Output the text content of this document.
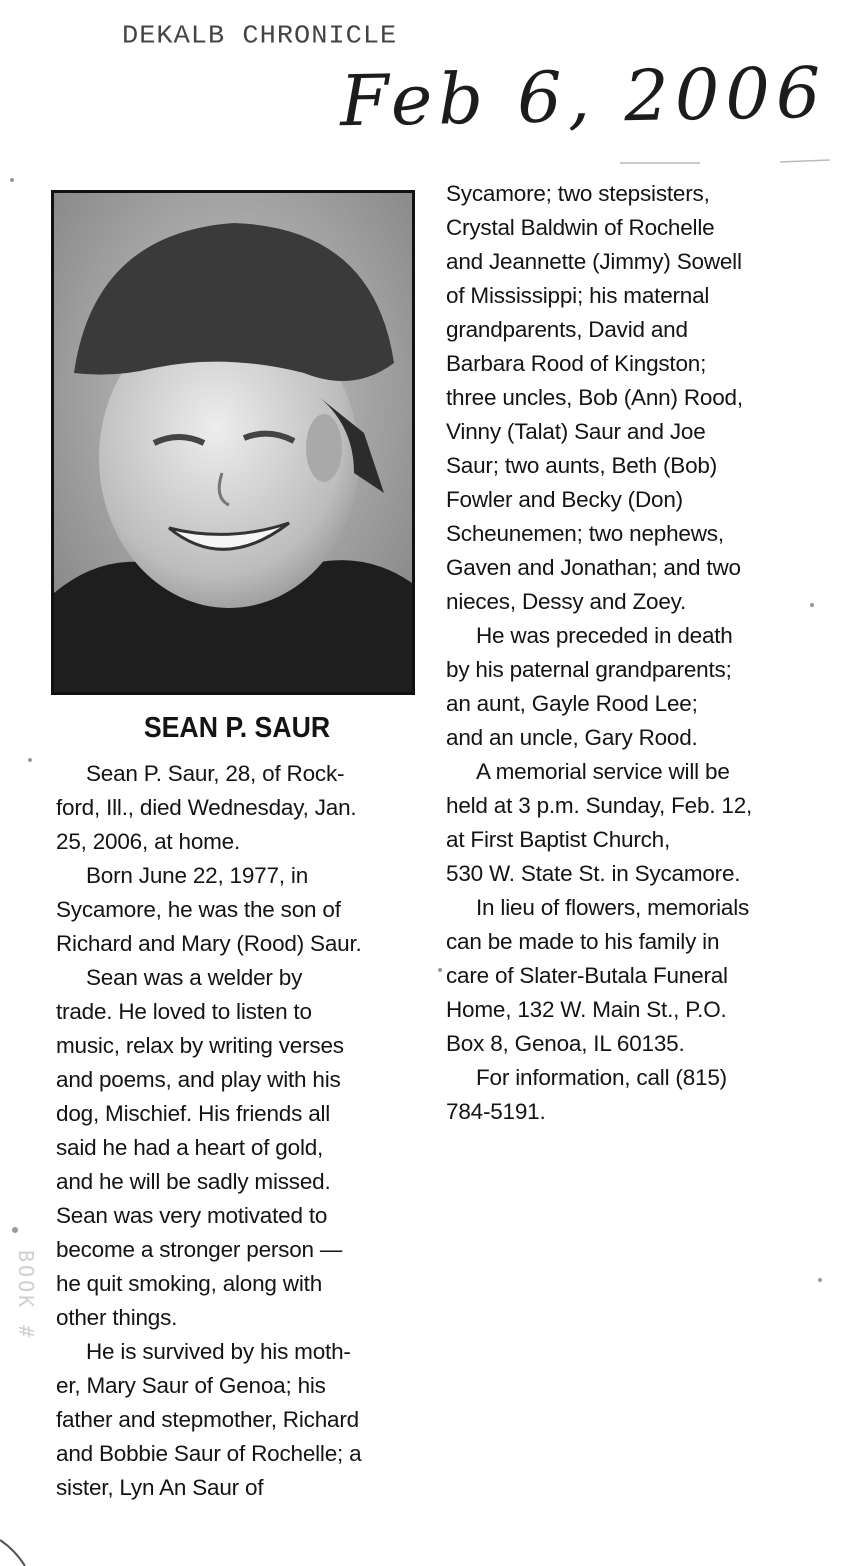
DEKALB CHRONICLE
Feb 6, 2006
SEAN P. SAUR

Sean P. Saur, 28, of Rock-
ford, Ill., died Wednesday, Jan.
25, 2006, at home.

Born June 22, 1977, in
Sycamore, he was the son of
Richard and Mary (Rood) Saur.

Sean was a welder by
trade. He loved to listen to
music, relax by writing verses
and poems, and play with his
dog, Mischief. His friends all
said he had a heart of gold,
and he will be sadly missed.
Sean was very motivated to
become a stronger person —
he quit smoking, along with
other things.

He is survived by his moth-
er, Mary Saur of Genoa; his
father and stepmother, Richard
and Bobbie Saur of Rochelle; a
sister, Lyn An Saur of

Sycamore; two stepsisters,
Crystal Baldwin of Rochelle
and Jeannette (Jimmy) Sowell
of Mississippi; his maternal
grandparents, David and
Barbara Rood of Kingston;
three uncles, Bob (Ann) Rood,
Vinny (Talat) Saur and Joe
Saur; two aunts, Beth (Bob)
Fowler and Becky (Don)
Scheunemen; two nephews,
Gaven and Jonathan; and two
nieces, Dessy and Zoey.

He was preceded in death
by his paternal grandparents;
an aunt, Gayle Rood Lee;
and an uncle, Gary Rood.

A memorial service will be
held at 3 p.m. Sunday, Feb. 12,
at First Baptist Church,
530 W. State St. in Sycamore.

In lieu of flowers, memorials
can be made to his family in
care of Slater-Butala Funeral
Home, 132 W. Main St., P.O.
Box 8, Genoa, IL 60135.

For information, call (815)
784-5191.

BOOK #
